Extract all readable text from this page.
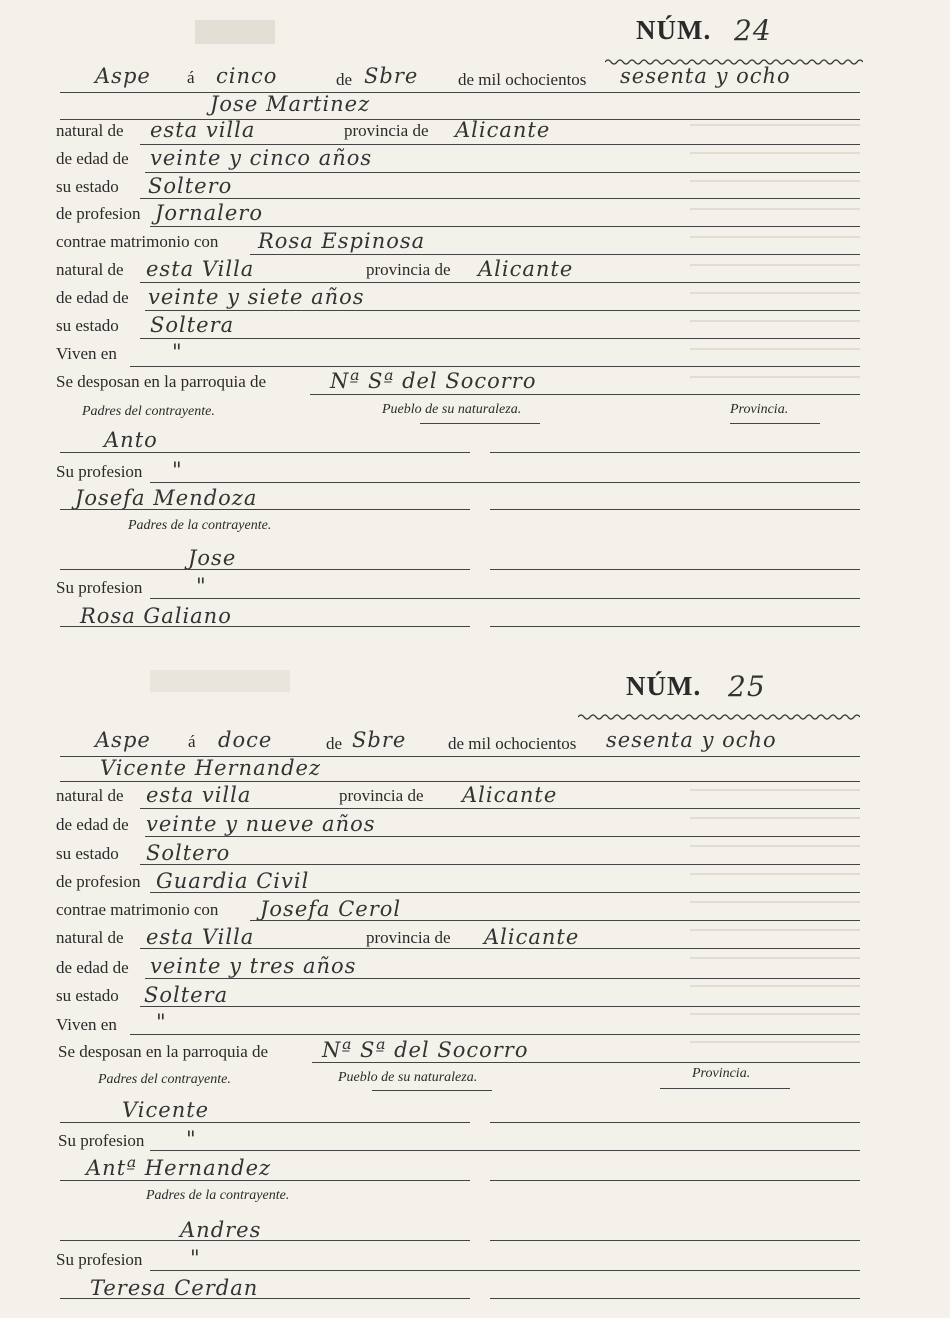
NÚM. 24
Aspe á cinco	de Sbre de mil ochocientos sesenta y ocho
Jose Martinez
natural de esta villa	provincia de Alicante
de edad de veinte y cinco años
su estado Soltero
de profesion Jornalero
contrae matrimonio con Rosa Espinosa
natural de esta Villa	provincia de Alicante
de edad de veinte y siete años
su estado Soltera
Viven en	"
Se desposan en la parroquia de	Nª Sª del Socorro
Padres del contrayente.	Pueblo de su naturaleza.	Provincia.
Anto
Su profesion "
Josefa Mendoza
Padres de la contrayente.
Jose
Su profesion	"
Rosa Galiano
NÚM. 25
Aspe á doce	de Sbre de mil ochocientos sesenta y ocho
Vicente Hernandez
natural de esta villa	provincia de Alicante
de edad de veinte y nueve años
su estado Soltero
de profesion Guardia Civil
contrae matrimonio con Josefa Cerol
natural de esta Villa	provincia de Alicante
de edad de veinte y tres años
su estado Soltera
Viven en "
Se desposan en la parroquia de	Nª Sª del Socorro
Padres del contrayente.	Pueblo de su naturaleza.	Provincia.
Vicente
Su profesion "
Antª Hernandez
Padres de la contrayente.
Andres
Su profesion "
Teresa Cerdan
